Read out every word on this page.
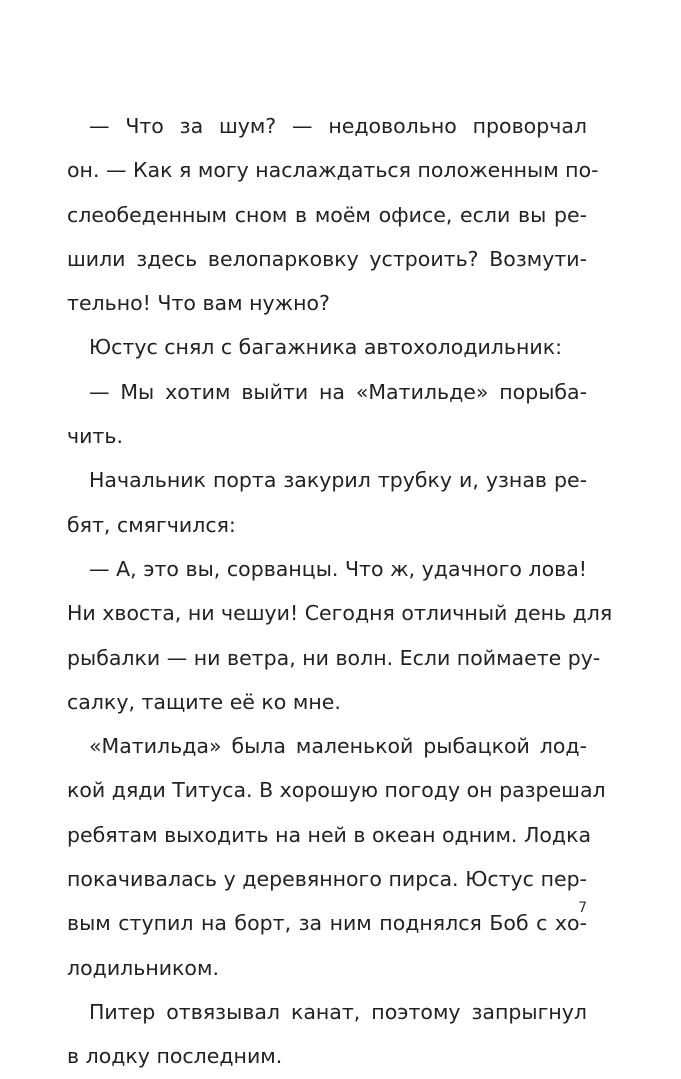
— Что за шум? — недовольно проворчал
он. — Как я могу наслаждаться положенным по-
слеобеденным сном в моём офисе, если вы ре-
шили здесь велопарковку устроить? Возмути-
тельно! Что вам нужно?
Юстус снял с багажника автохолодильник:
— Мы хотим выйти на «Матильде» порыба-
чить.
Начальник порта закурил трубку и, узнав ре-
бят, смягчился:
— А, это вы, сорванцы. Что ж, удачного лова!
Ни хвоста, ни чешуи! Сегодня отличный день для
рыбалки — ни ветра, ни волн. Если поймаете ру-
салку, тащите её ко мне.
«Матильда» была маленькой рыбацкой лод-
кой дяди Титуса. В хорошую погоду он разрешал
ребятам выходить на ней в океан одним. Лодка
покачивалась у деревянного пирса. Юстус пер-
вым ступил на борт, за ним поднялся Боб с хо-
лодильником.
Питер отвязывал канат, поэтому запрыгнул
в лодку последним.
7
